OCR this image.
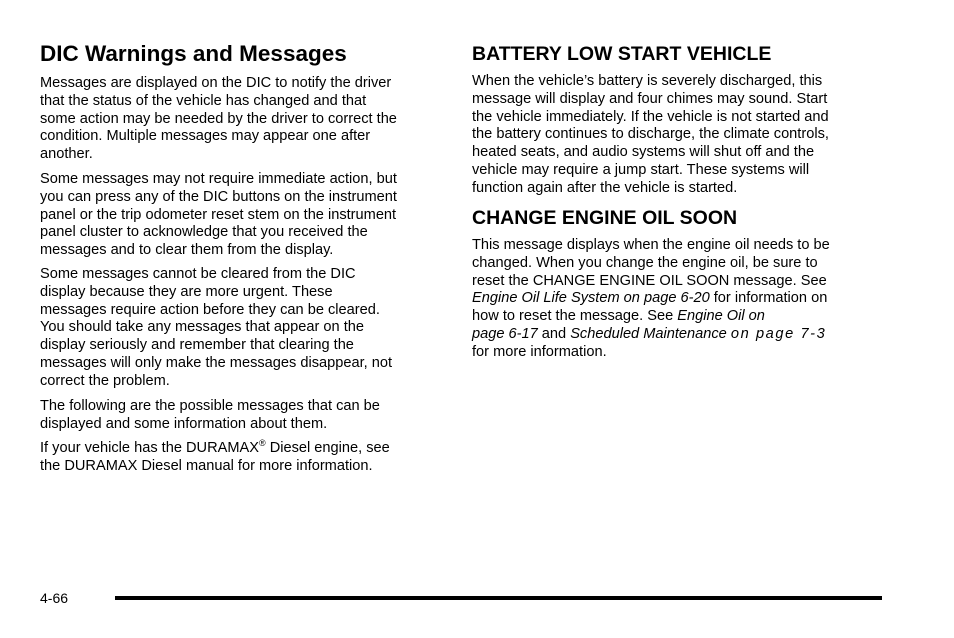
DIC Warnings and Messages

Messages are displayed on the DIC to notify the driver
that the status of the vehicle has changed and that
some action may be needed by the driver to correct the
condition. Multiple messages may appear one after
another.

Some messages may not require immediate action, but
you can press any of the DIC buttons on the instrument
panel or the trip odometer reset stem on the instrument
panel cluster to acknowledge that you received the
messages and to clear them from the display.

Some messages cannot be cleared from the DIC
display because they are more urgent. These
messages require action before they can be cleared.
You should take any messages that appear on the
display seriously and remember that clearing the
messages will only make the messages disappear, not
correct the problem.

The following are the possible messages that can be
displayed and some information about them.

If your vehicle has the DURAMAX® Diesel engine, see
the DURAMAX Diesel manual for more information.

BATTERY LOW START VEHICLE

When the vehicle’s battery is severely discharged, this
message will display and four chimes may sound. Start
the vehicle immediately. If the vehicle is not started and
the battery continues to discharge, the climate controls,
heated seats, and audio systems will shut off and the
vehicle may require a jump start. These systems will
function again after the vehicle is started.

CHANGE ENGINE OIL SOON

This message displays when the engine oil needs to be
changed. When you change the engine oil, be sure to
reset the CHANGE ENGINE OIL SOON message. See
Engine Oil Life System on page 6-20 for information on
how to reset the message. See Engine Oil on
page 6-17 and Scheduled Maintenance on page 7-3
for more information.

4-66
